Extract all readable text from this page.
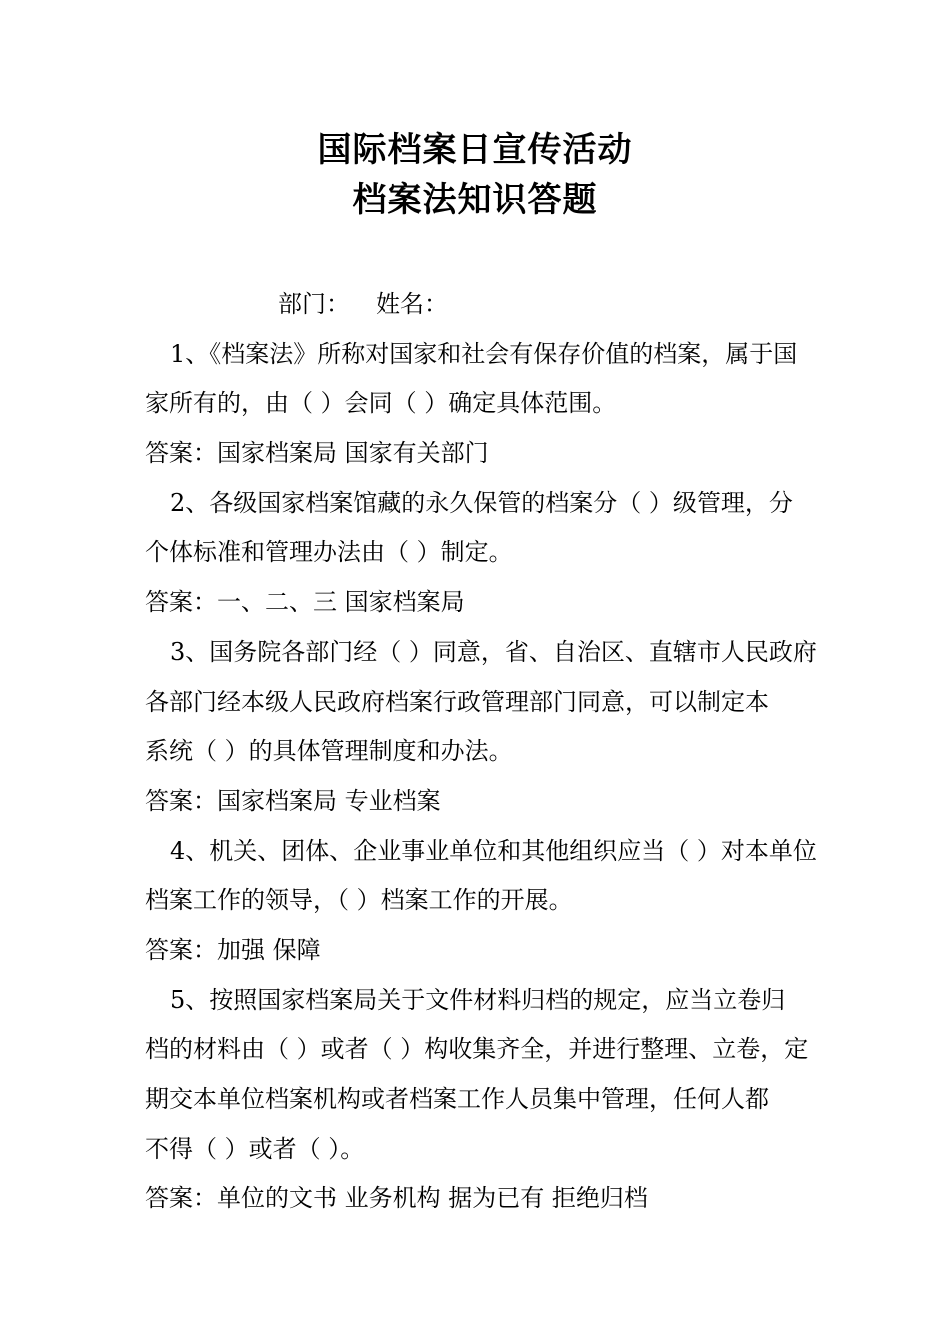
国际档案日宣传活动
档案法知识答题
部门： 姓名：
1、《档案法》所称对国家和社会有保存价值的档案，属于国
家所有的，由（ ）会同（ ）确定具体范围。
答案：国家档案局 国家有关部门
2、各级国家档案馆藏的永久保管的档案分（ ）级管理，分
个体标准和管理办法由（ ）制定。
答案：一、二、三 国家档案局
3、国务院各部门经（ ）同意，省、自治区、直辖市人民政府
各部门经本级人民政府档案行政管理部门同意，可以制定本
系统（ ）的具体管理制度和办法。
答案：国家档案局 专业档案
4、机关、团体、企业事业单位和其他组织应当（ ）对本单位
档案工作的领导，（ ）档案工作的开展。
答案：加强 保障
5、按照国家档案局关于文件材料归档的规定，应当立卷归
档的材料由（ ）或者（ ）构收集齐全，并进行整理、立卷，定
期交本单位档案机构或者档案工作人员集中管理，任何人都
不得（ ）或者（ ）。
答案：单位的文书 业务机构 据为已有 拒绝归档
